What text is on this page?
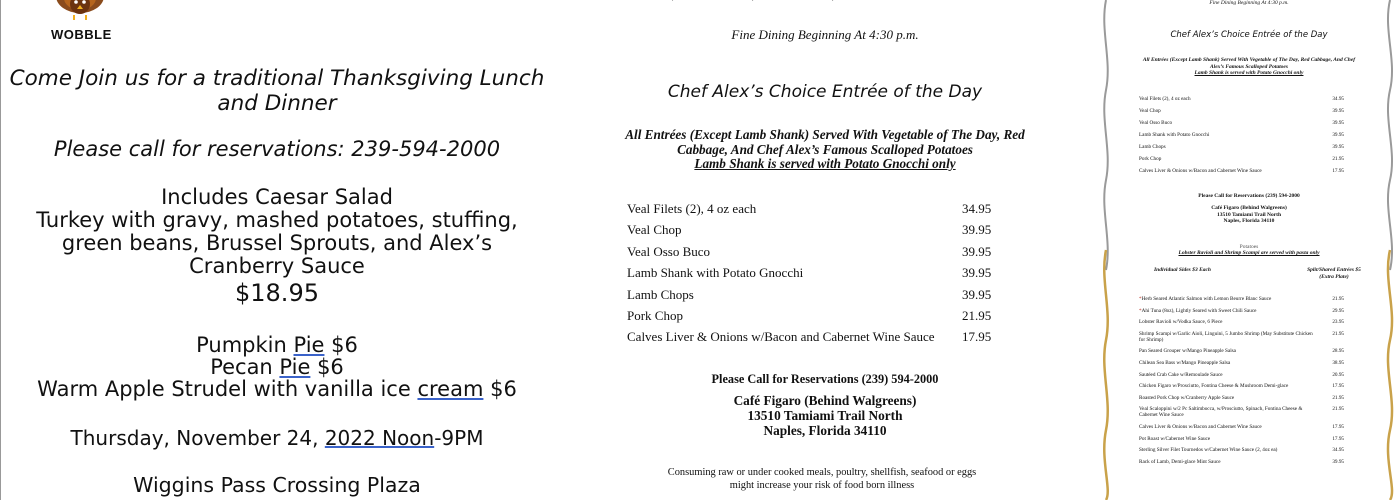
WOBBLE
Come Join us for a traditional Thanksgiving Lunch and Dinner
Please call for reservations: 239-594-2000
Includes Caesar Salad
Turkey with gravy, mashed potatoes, stuffing, green beans, Brussel Sprouts, and Alex’s Cranberry Sauce
$18.95
Pumpkin Pie $6
Pecan Pie $6
Warm Apple Strudel with vanilla ice cream $6
Thursday, November 24, 2022 Noon-9PM
Wiggins Pass Crossing Plaza
Fine Dining Beginning At 4:30 p.m.
Chef Alex’s Choice Entrée of the Day
All Entrées (Except Lamb Shank) Served With Vegetable of The Day, Red
Cabbage, And Chef Alex’s Famous Scalloped Potatoes
Lamb Shank is served with Potato Gnocchi only
Veal Filets (2), 4 oz each	34.95
Veal Chop	39.95
Veal Osso Buco	39.95
Lamb Shank with Potato Gnocchi	39.95
Lamb Chops	39.95
Pork Chop	21.95
Calves Liver & Onions w/Bacon and Cabernet Wine Sauce 17.95
Please Call for Reservations (239) 594-2000
Café Figaro (Behind Walgreens)
13510 Tamiami Trail North
Naples, Florida 34110
Consuming raw or under cooked meals, poultry, shellfish, seafood or eggs might increase your risk of food born illness
Fine Dining Beginning At 4:30 p.m.
Chef Alex’s Choice Entrée of the Day
All Entrées (Except Lamb Shank) Served With Vegetable of The Day, Red Cabbage, And Chef Alex’s Famous Scalloped Potatoes
Lamb Shank is served with Potato Gnocchi only
Veal Filets (2), 4 oz each	34.95
Veal Chop	39.95
Veal Osso Buco	39.95
Lamb Shank with Potato Gnocchi	39.95
Lamb Chops	39.95
Pork Chop	21.95
Calves Liver & Onions w/Bacon and Cabernet Wine Sauce	17.95
Please Call for Reservations (239) 594-2000
Café Figaro (Behind Walgreens)
13510 Tamiami Trail North
Naples, Florida 34110
Potatoes
Lobster Ravioli and Shrimp Scampi are served with pasta only
Individual Sides $3 Each	Split/Shared Entrées $5
(Extra Plate)
*Herb Seared Atlantic Salmon with Lemon Beurre Blanc Sauce	21.95
*Ahi Tuna (8oz), Lightly Seared with Sweet Chili Sauce	29.95
Lobster Ravioli w/Vodka Sauce, 6 Piece	23.95
Shrimp Scampi w/Garlic Aioli, Linguini, 5 Jumbo Shrimp (May Substitute Chicken for Shrimp)
21.95
Pan Seared Grouper w/Mango Pineapple Salsa	28.95
Chilean Sea Bass w/Mango Pineapple Salsa	38.95
Sautéed Crab Cake w/Remoulade Sauce	20.95
Chicken Figaro w/Prosciutto, Fontina Cheese & Mushroom Demi-glace	17.95
Roasted Pork Chop w/Cranberry Apple Sauce	21.95
Veal Scaloppini w/2 Pc Saltimbocca, w/Prosciutto, Spinach, Fontina Cheese & Cabernet Wine Sauce
21.95
Calves Liver & Onions w/Bacon and Cabernet Wine Sauce	17.95
Pot Roast w/Cabernet Wine Sauce	17.95
Sterling Silver Filet Tournedos w/Cabernet Wine Sauce (2, 4oz ea)	34.95
Rack of Lamb, Demi-glace Mint Sauce	39.95
